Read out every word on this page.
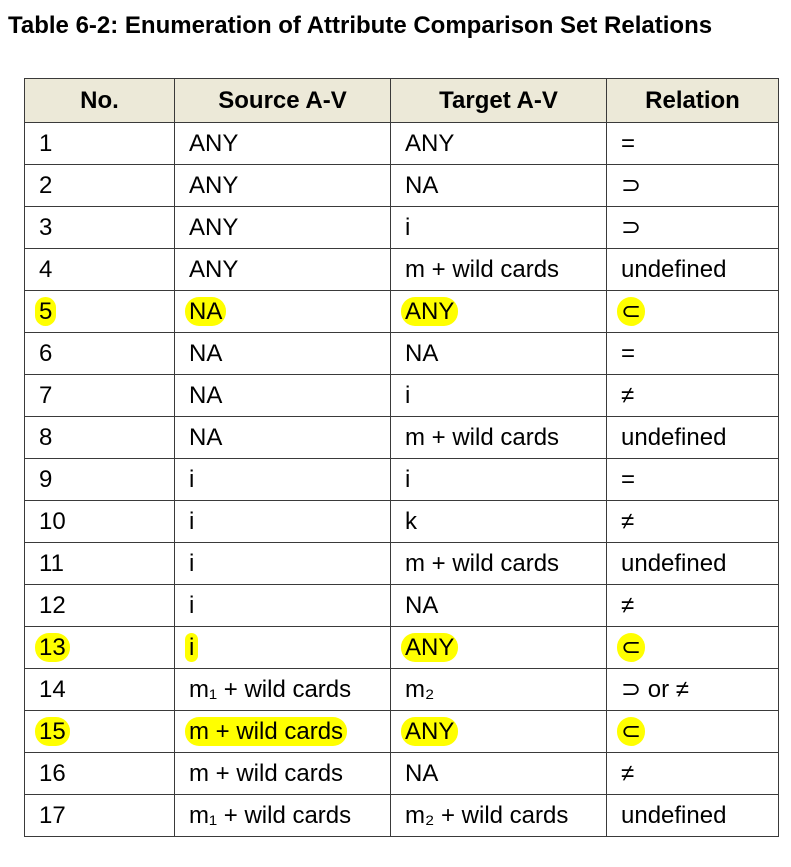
Table 6-2: Enumeration of Attribute Comparison Set Relations
No.	Source A-V	Target A-V	Relation
1	ANY	ANY	=
2	ANY	NA	⊃
3	ANY	i	⊃
4	ANY	m + wild cards	undefined
5	NA	ANY	⊂
6	NA	NA	=
7	NA	i	≠
8	NA	m + wild cards	undefined
9	i	i	=
10	i	k	≠
11	i	m + wild cards	undefined
12	i	NA	≠
13	i	ANY	⊂
14	m₁ + wild cards	m₂	⊃ or ≠
15	m + wild cards	ANY	⊂
16	m + wild cards	NA	≠
17	m₁ + wild cards	m₂ + wild cards	undefined
